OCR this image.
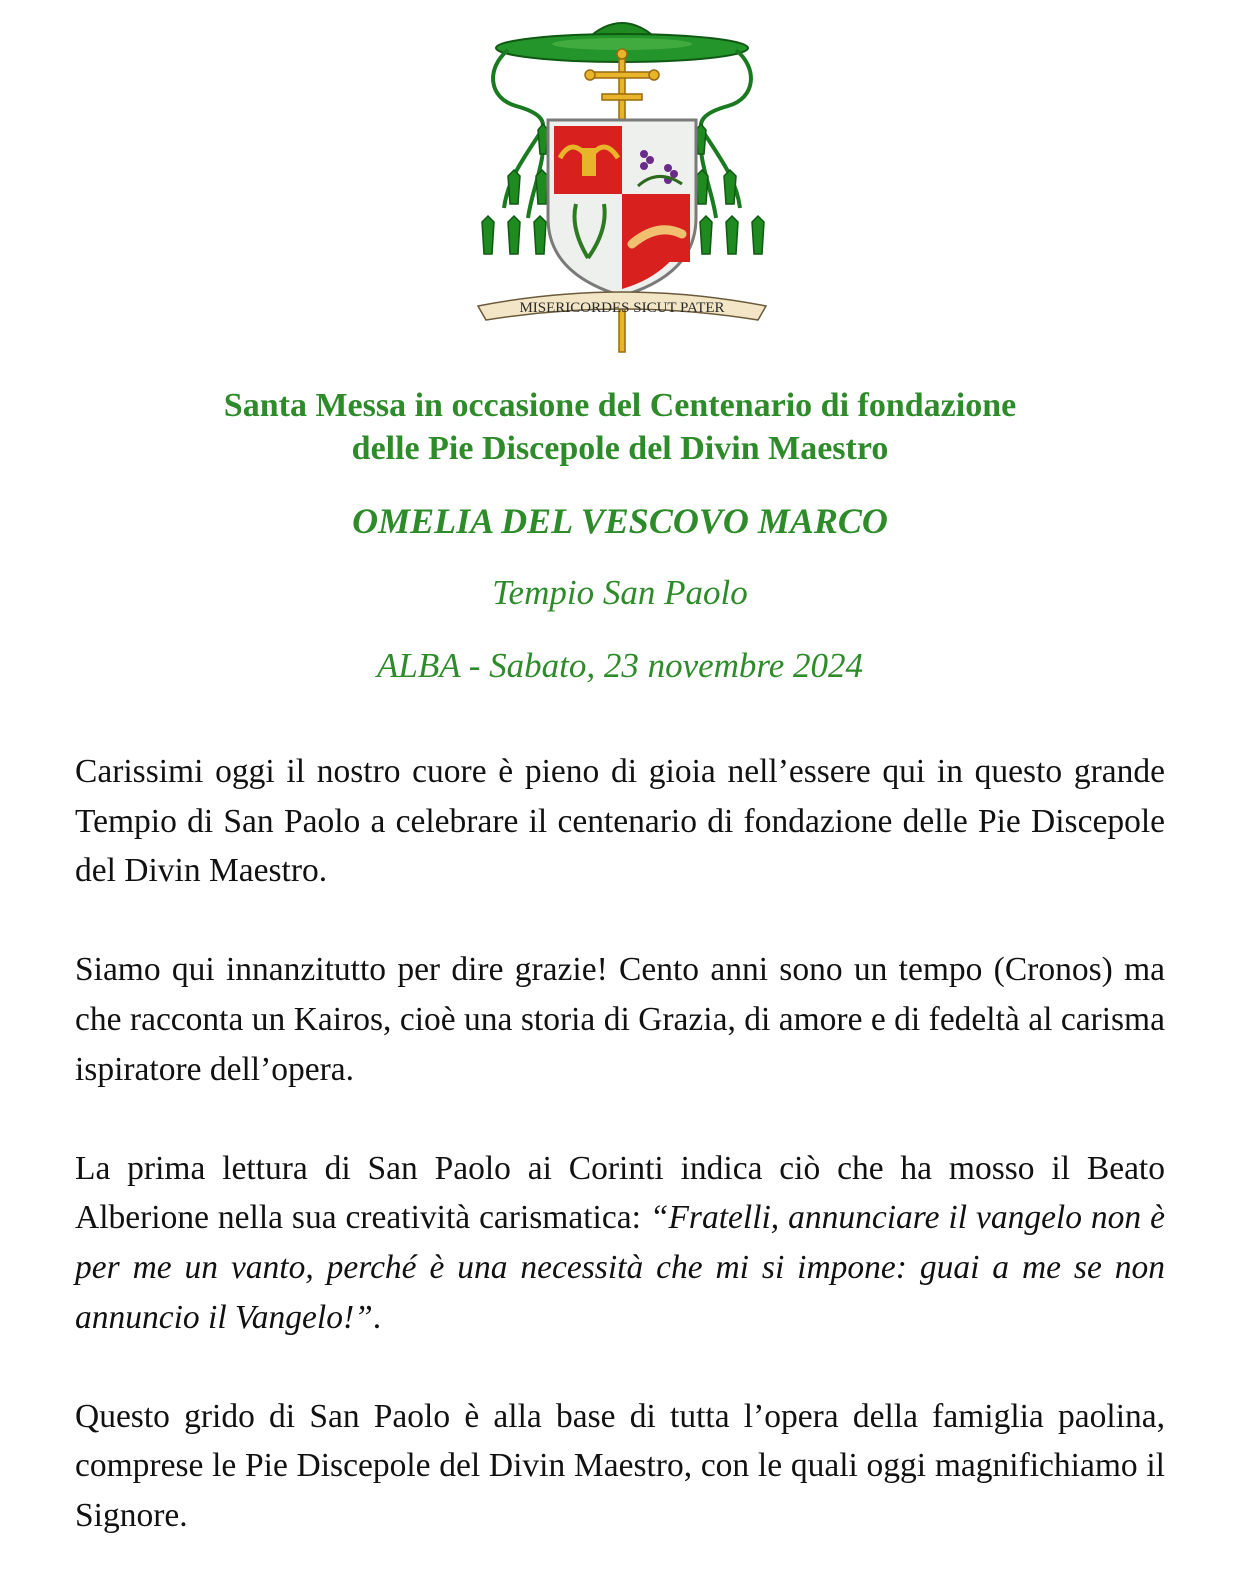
MISERICORDES SICUT PATER
Santa Messa in occasione del Centenario di fondazione
delle Pie Discepole del Divin Maestro
OMELIA DEL VESCOVO MARCO
Tempio San Paolo
ALBA - Sabato, 23 novembre 2024

Carissimi oggi il nostro cuore è pieno di gioia nell’essere qui in questo grande Tempio di San Paolo a celebrare il centenario di fondazione delle Pie Discepole del Divin Maestro.

Siamo qui innanzitutto per dire grazie! Cento anni sono un tempo (Cronos) ma che racconta un Kairos, cioè una storia di Grazia, di amore e di fedeltà al carisma ispiratore dell’opera.

La prima lettura di San Paolo ai Corinti indica ciò che ha mosso il Beato Alberione nella sua creatività carismatica: “Fratelli, annunciare il vangelo non è per me un vanto, perché è una necessità che mi si impone: guai a me se non annuncio il Vangelo!”.

Questo grido di San Paolo è alla base di tutta l’opera della famiglia paolina, comprese le Pie Discepole del Divin Maestro, con le quali oggi magnifichiamo il Signore.
